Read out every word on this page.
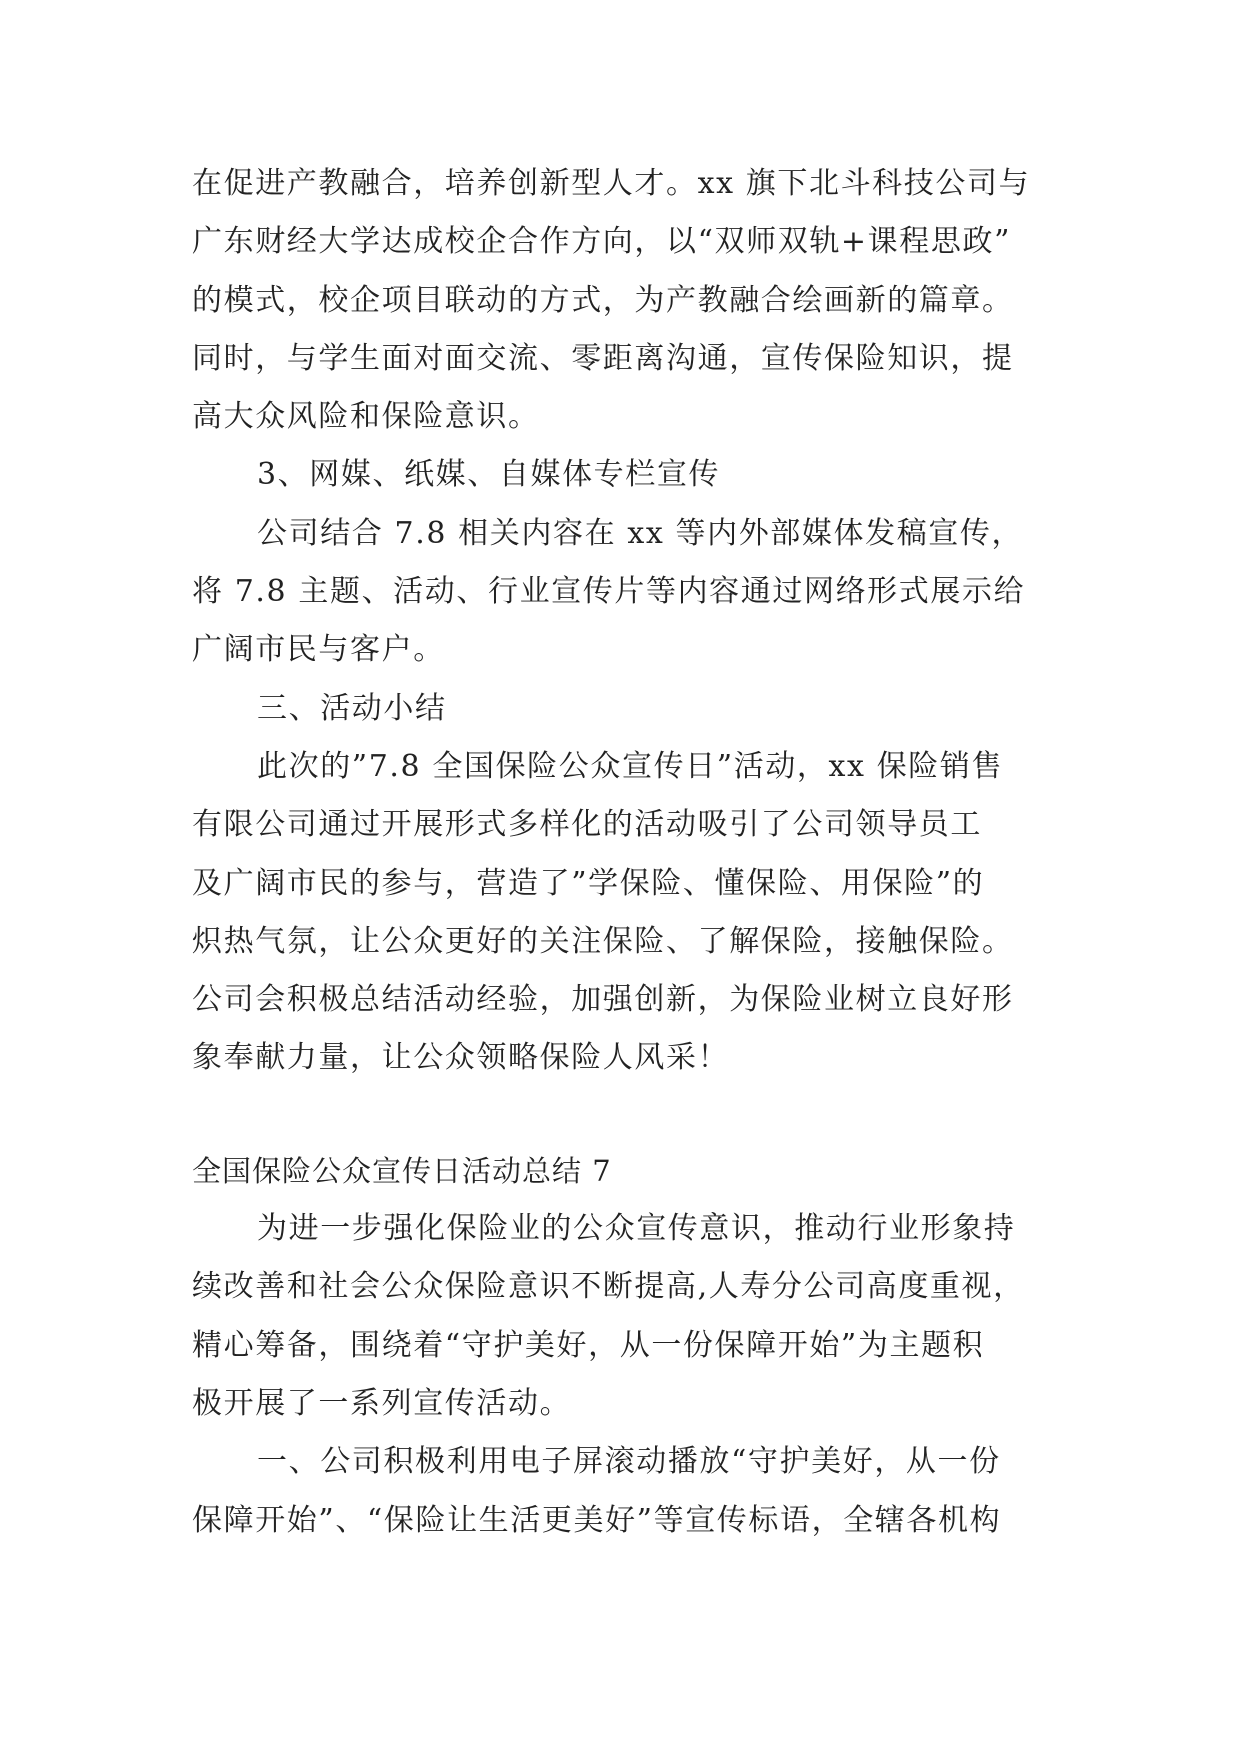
在促进产教融合，培养创新型人才。xx 旗下北斗科技公司与
广东财经大学达成校企合作方向，以“双师双轨+课程思政”
的模式，校企项目联动的方式，为产教融合绘画新的篇章。
同时，与学生面对面交流、零距离沟通，宣传保险知识，提
高大众风险和保险意识。
3、网媒、纸媒、自媒体专栏宣传
公司结合 7.8 相关内容在 xx 等内外部媒体发稿宣传，
将 7.8 主题、活动、行业宣传片等内容通过网络形式展示给
广阔市民与客户。
三、活动小结
此次的”7.8 全国保险公众宣传日”活动，xx 保险销售
有限公司通过开展形式多样化的活动吸引了公司领导员工
及广阔市民的参与，营造了”学保险、懂保险、用保险”的
炽热气氛，让公众更好的关注保险、了解保险，接触保险。
公司会积极总结活动经验，加强创新，为保险业树立良好形
象奉献力量，让公众领略保险人风采！
全国保险公众宣传日活动总结 7
为进一步强化保险业的公众宣传意识，推动行业形象持
续改善和社会公众保险意识不断提高,人寿分公司高度重视，
精心筹备，围绕着“守护美好，从一份保障开始”为主题积
极开展了一系列宣传活动。
一、公司积极利用电子屏滚动播放“守护美好，从一份
保障开始”、“保险让生活更美好”等宣传标语，全辖各机构
